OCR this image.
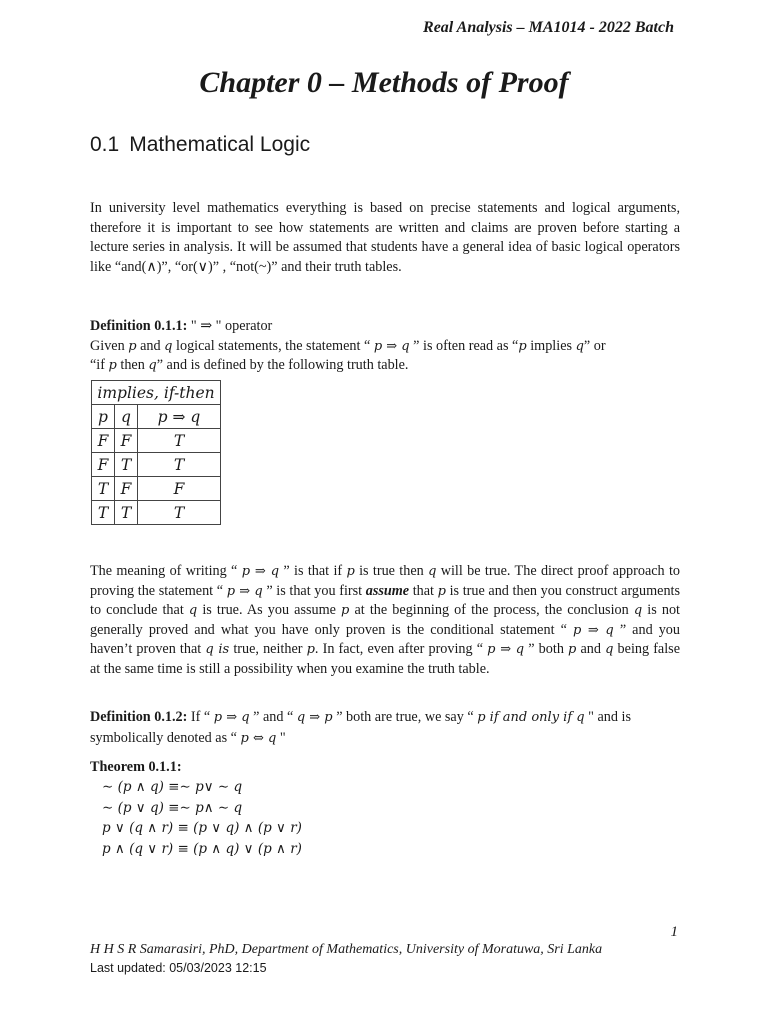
Real Analysis – MA1014 - 2022 Batch
Chapter 0 – Methods of Proof
0.1 Mathematical Logic
In university level mathematics everything is based on precise statements and logical arguments, therefore it is important to see how statements are written and claims are proven before starting a lecture series in analysis. It will be assumed that students have a general idea of basic logical operators like “and(∧)”, “or(∨)” , “not(~)” and their truth tables.
Definition 0.1.1: " ⇒ " operator
Given p and q logical statements, the statement “ p ⇒ q ” is often read as “p implies q” or
“if p then q” and is defined by the following truth table.
implies, if-then		
p	q	p ⇒ q
F	F	T
F	T	T
T	F	F
T	T	T
The meaning of writing “ p ⇒ q ” is that if p is true then q will be true. The direct proof approach to proving the statement “ p ⇒ q ” is that you first assume that p is true and then you construct arguments to conclude that q is true. As you assume p at the beginning of the process, the conclusion q is not generally proved and what you have only proven is the conditional statement “ p ⇒ q ” and you haven’t proven that q is true, neither p. In fact, even after proving “ p ⇒ q ” both p and q being false at the same time is still a possibility when you examine the truth table.
Definition 0.1.2: If “ p ⇒ q ” and “ q ⇒ p ” both are true, we say “ p if and only if q " and is symbolically denoted as “ p ⇔ q "
Theorem 0.1.1:
∼ (p ∧ q) ≡∼ p∨ ∼ q
∼ (p ∨ q) ≡∼ p∧ ∼ q
p ∨ (q ∧ r) ≡ (p ∨ q) ∧ (p ∨ r)
p ∧ (q ∨ r) ≡ (p ∧ q) ∨ (p ∧ r)
1
H H S R Samarasiri, PhD, Department of Mathematics, University of Moratuwa, Sri Lanka
Last updated: 05/03/2023 12:15
